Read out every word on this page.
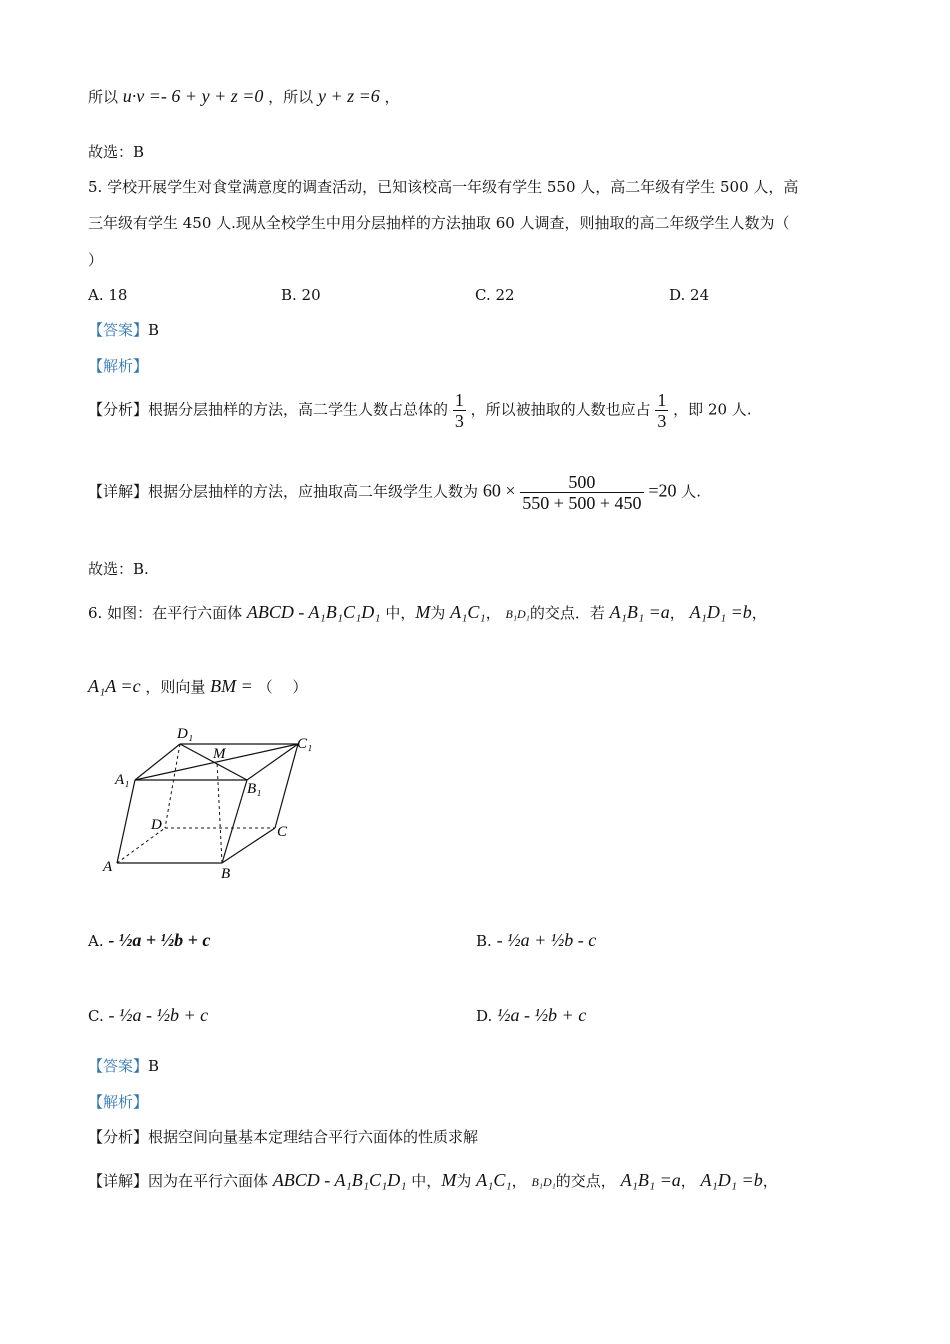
所以 u·v =- 6 + y + z =0 ，所以 y + z =6 ，
故选：B
5. 学校开展学生对食堂满意度的调查活动，已知该校高一年级有学生 550 人，高二年级有学生 500 人，高
三年级有学生 450 人.现从全校学生中用分层抽样的方法抽取 60 人调查，则抽取的高二年级学生人数为（
）
A. 18	B. 20	C. 22	D. 24
【答案】B
【解析】
【分析】根据分层抽样的方法，高二学生人数占总体的 $\frac{1}{3}$ ，所以被抽取的人数也应占 $\frac{1}{3}$ ，即 20 人.
【详解】根据分层抽样的方法，应抽取高二年级学生人数为 $60 \times \frac{500}{550 + 500 + 450} =20$ 人.
故选：B.
6. 如图：在平行六面体 ABCD - A₁B₁C₁D₁ 中，M为 A₁C₁， B₁D₁的交点．若 A₁B₁ =a， A₁D₁ =b，
A₁A =c ，则向量 BM = （　 ）
D₁
M
C₁
A₁
B₁
D	C
A	B
A. - ½a + ½b + c	B. - ½a + ½b - c
C. - ½a - ½b + c	D. ½a - ½b + c
【答案】B
【解析】
【分析】根据空间向量基本定理结合平行六面体的性质求解
【详解】因为在平行六面体 ABCD - A₁B₁C₁D₁ 中，M为 A₁C₁， B₁D₁的交点， A₁B₁ =a， A₁D₁ =b，
